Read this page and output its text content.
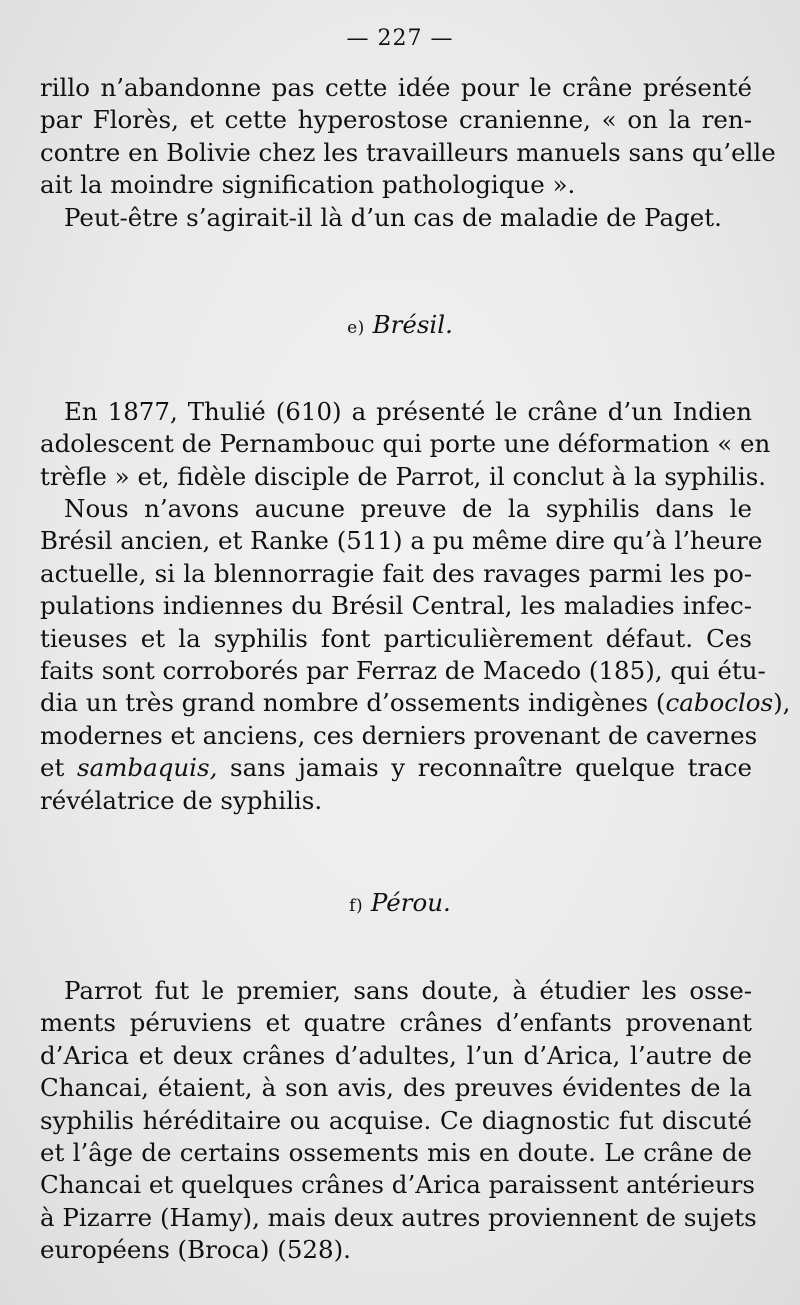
— 227 —
rillo n’abandonne pas cette idée pour le crâne présenté
par Florès, et cette hyperostose cranienne, « on la ren-
contre en Bolivie chez les travailleurs manuels sans qu’elle
ait la moindre signification pathologique ».
Peut-être s’agirait-il là d’un cas de maladie de Paget.
e) Brésil.
En 1877, Thulié (610) a présenté le crâne d’un Indien
adolescent de Pernambouc qui porte une déformation « en
trèfle » et, fidèle disciple de Parrot, il conclut à la syphilis.
Nous n’avons aucune preuve de la syphilis dans le
Brésil ancien, et Ranke (511) a pu même dire qu’à l’heure
actuelle, si la blennorragie fait des ravages parmi les po-
pulations indiennes du Brésil Central, les maladies infec-
tieuses et la syphilis font particulièrement défaut. Ces
faits sont corroborés par Ferraz de Macedo (185), qui étu-
dia un très grand nombre d’ossements indigènes (caboclos),
modernes et anciens, ces derniers provenant de cavernes
et sambaquis, sans jamais y reconnaître quelque trace
révélatrice de syphilis.
f) Pérou.
Parrot fut le premier, sans doute, à étudier les osse-
ments péruviens et quatre crânes d’enfants provenant
d’Arica et deux crânes d’adultes, l’un d’Arica, l’autre de
Chancai, étaient, à son avis, des preuves évidentes de la
syphilis héréditaire ou acquise. Ce diagnostic fut discuté
et l’âge de certains ossements mis en doute. Le crâne de
Chancai et quelques crânes d’Arica paraissent antérieurs
à Pizarre (Hamy), mais deux autres proviennent de sujets
européens (Broca) (528).
